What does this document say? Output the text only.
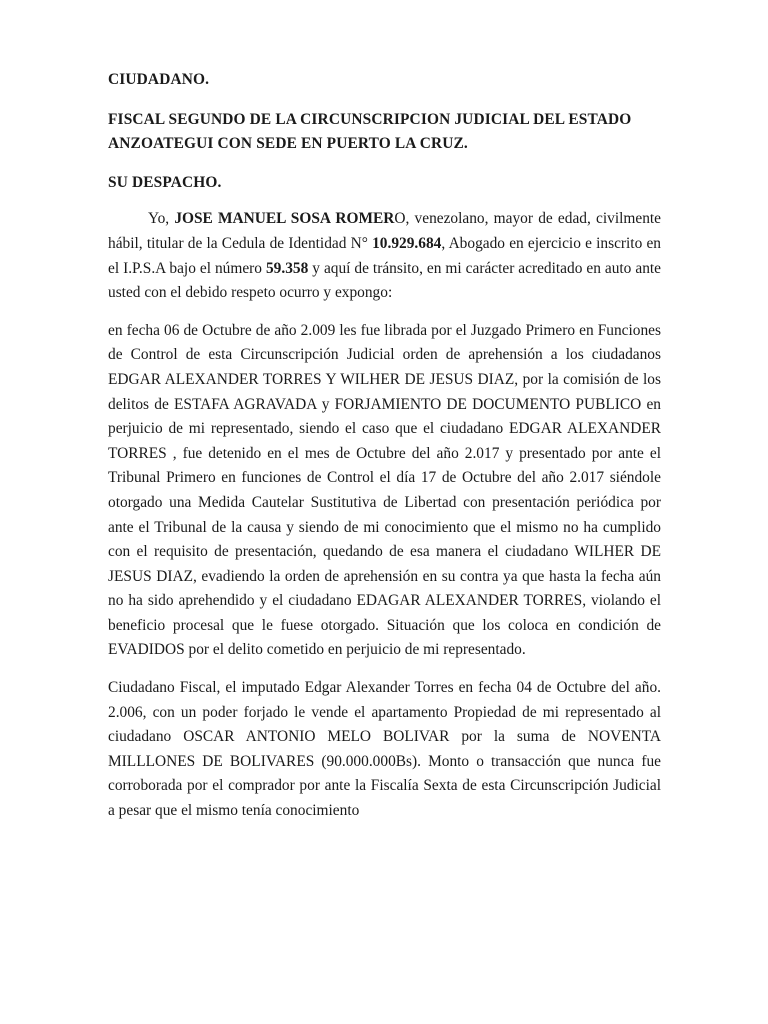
CIUDADANO.

FISCAL SEGUNDO DE LA CIRCUNSCRIPCION JUDICIAL DEL ESTADO ANZOATEGUI CON SEDE EN PUERTO LA CRUZ.

SU DESPACHO.

Yo, JOSE MANUEL SOSA ROMERO, venezolano, mayor de edad, civilmente hábil, titular de la Cedula de Identidad N° 10.929.684, Abogado en ejercicio e inscrito en el I.P.S.A bajo el número 59.358 y aquí de tránsito, en mi carácter acreditado en auto ante usted con el debido respeto ocurro y expongo:

en fecha 06 de Octubre de año 2.009 les fue librada por el Juzgado Primero en Funciones de Control de esta Circunscripción Judicial orden de aprehensión a los ciudadanos EDGAR ALEXANDER TORRES Y WILHER DE JESUS DIAZ, por la comisión de los delitos de ESTAFA AGRAVADA y FORJAMIENTO DE DOCUMENTO PUBLICO en perjuicio de mi representado, siendo el caso que el ciudadano EDGAR ALEXANDER TORRES , fue detenido en el mes de Octubre del año 2.017 y presentado por ante el Tribunal Primero en funciones de Control el día 17 de Octubre del año 2.017 siéndole otorgado una Medida Cautelar Sustitutiva de Libertad con presentación periódica por ante el Tribunal de la causa y siendo de mi conocimiento que el mismo no ha cumplido con el requisito de presentación, quedando de esa manera el ciudadano WILHER DE JESUS DIAZ, evadiendo la orden de aprehensión en su contra ya que hasta la fecha aún no ha sido aprehendido y el ciudadano EDAGAR ALEXANDER TORRES, violando el beneficio procesal que le fuese otorgado. Situación que los coloca en condición de EVADIDOS por el delito cometido en perjuicio de mi representado.

Ciudadano Fiscal, el imputado Edgar Alexander Torres en fecha 04 de Octubre del año. 2.006, con un poder forjado le vende el apartamento Propiedad de mi representado al ciudadano OSCAR ANTONIO MELO BOLIVAR por la suma de NOVENTA MILLLONES DE BOLIVARES (90.000.000Bs). Monto o transacción que nunca fue corroborada por el comprador por ante la Fiscalía Sexta de esta Circunscripción Judicial a pesar que el mismo tenía conocimiento
